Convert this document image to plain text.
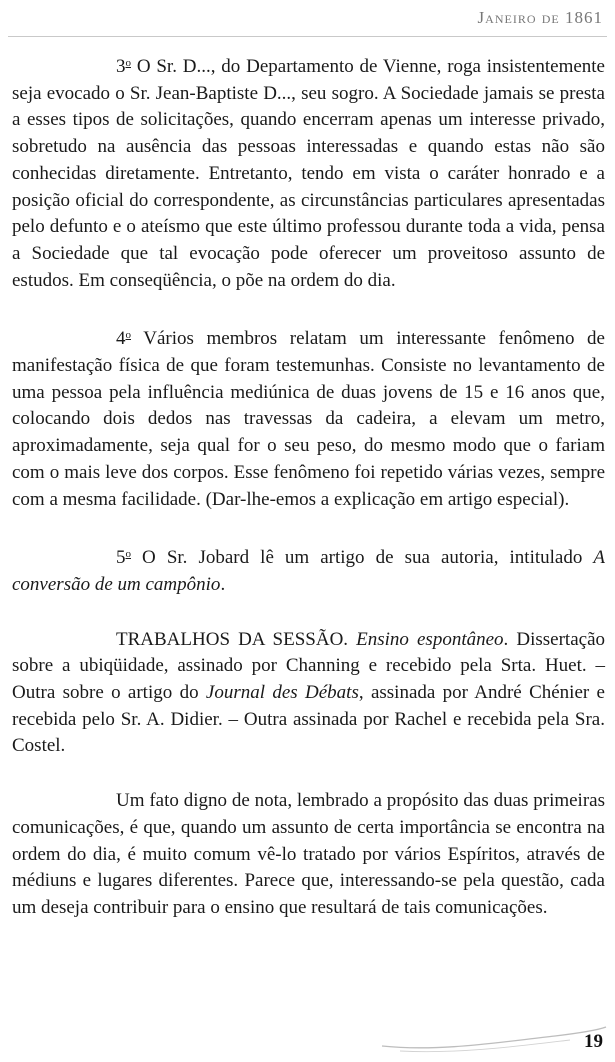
Janeiro de 1861

3$^o$ O Sr. D..., do Departamento de Vienne, roga insistentemente seja evocado o Sr. Jean-Baptiste D..., seu sogro. A Sociedade jamais se presta a esses tipos de solicitações, quando encerram apenas um interesse privado, sobretudo na ausência das pessoas interessadas e quando estas não são conhecidas diretamente. Entretanto, tendo em vista o caráter honrado e a posição oficial do correspondente, as circunstâncias particulares apresentadas pelo defunto e o ateísmo que este último professou durante toda a vida, pensa a Sociedade que tal evocação pode oferecer um proveitoso assunto de estudos. Em conseqüência, o põe na ordem do dia.

4$^o$ Vários membros relatam um interessante fenômeno de manifestação física de que foram testemunhas. Consiste no levantamento de uma pessoa pela influência mediúnica de duas jovens de 15 e 16 anos que, colocando dois dedos nas travessas da cadeira, a elevam um metro, aproximadamente, seja qual for o seu peso, do mesmo modo que o fariam com o mais leve dos corpos. Esse fenômeno foi repetido várias vezes, sempre com a mesma facilidade. (Dar-lhe-emos a explicação em artigo especial).

5$^o$ O Sr. Jobard lê um artigo de sua autoria, intitulado A conversão de um campônio.

TRABALHOS DA SESSÃO. Ensino espontâneo. Dissertação sobre a ubiqüidade, assinado por Channing e recebido pela Srta. Huet. – Outra sobre o artigo do Journal des Débats, assinada por André Chénier e recebida pelo Sr. A. Didier. – Outra assinada por Rachel e recebida pela Sra. Costel.

Um fato digno de nota, lembrado a propósito das duas primeiras comunicações, é que, quando um assunto de certa importância se encontra na ordem do dia, é muito comum vê-lo tratado por vários Espíritos, através de médiuns e lugares diferentes. Parece que, interessando-se pela questão, cada um deseja contribuir para o ensino que resultará de tais comunicações.

19
